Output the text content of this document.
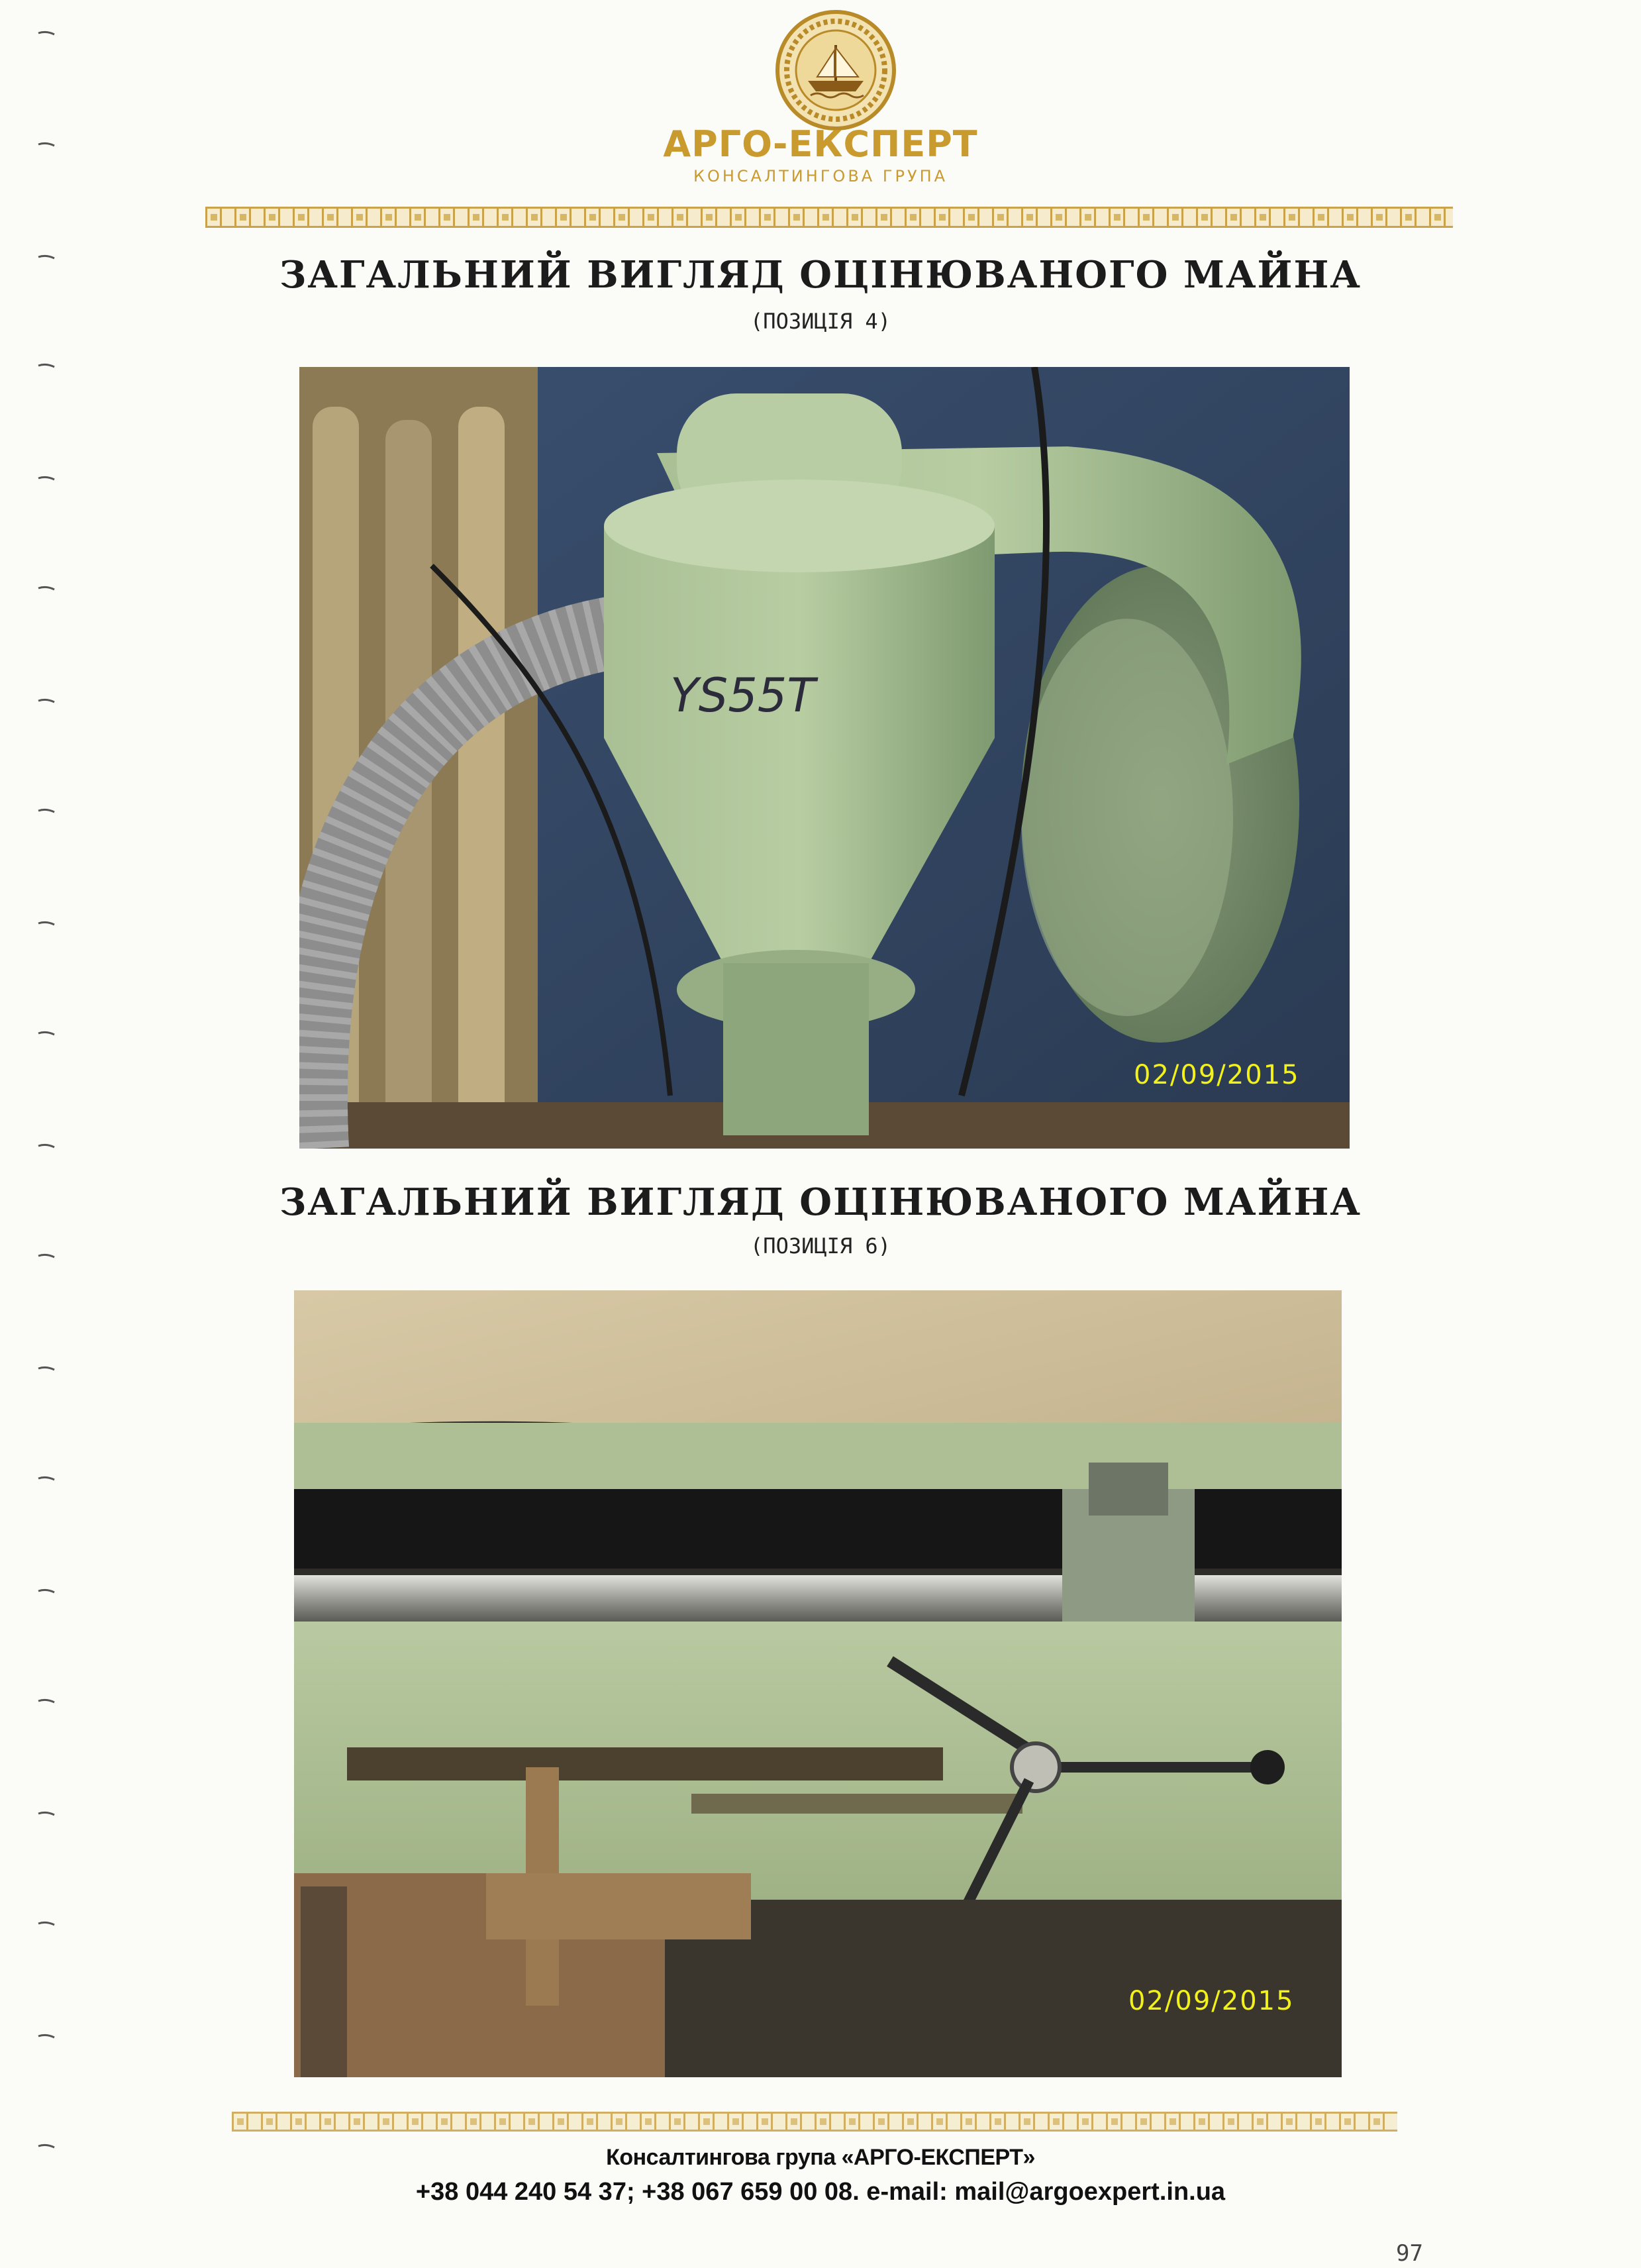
АРГО-ЕКСПЕРТ
КОНСАЛТИНГОВА ГРУПА
ЗАГАЛЬНИЙ ВИГЛЯД ОЦІНЮВАНОГО МАЙНА
(ПОЗИЦІЯ 4)
YS55T
02/09/2015
ЗАГАЛЬНИЙ ВИГЛЯД ОЦІНЮВАНОГО МАЙНА
(ПОЗИЦІЯ 6)
02/09/2015
Консалтингова група «АРГО-ЕКСПЕРТ»
+38 044 240 54 37; +38 067 659 00 08. e-mail: mail@argoexpert.in.ua
97
